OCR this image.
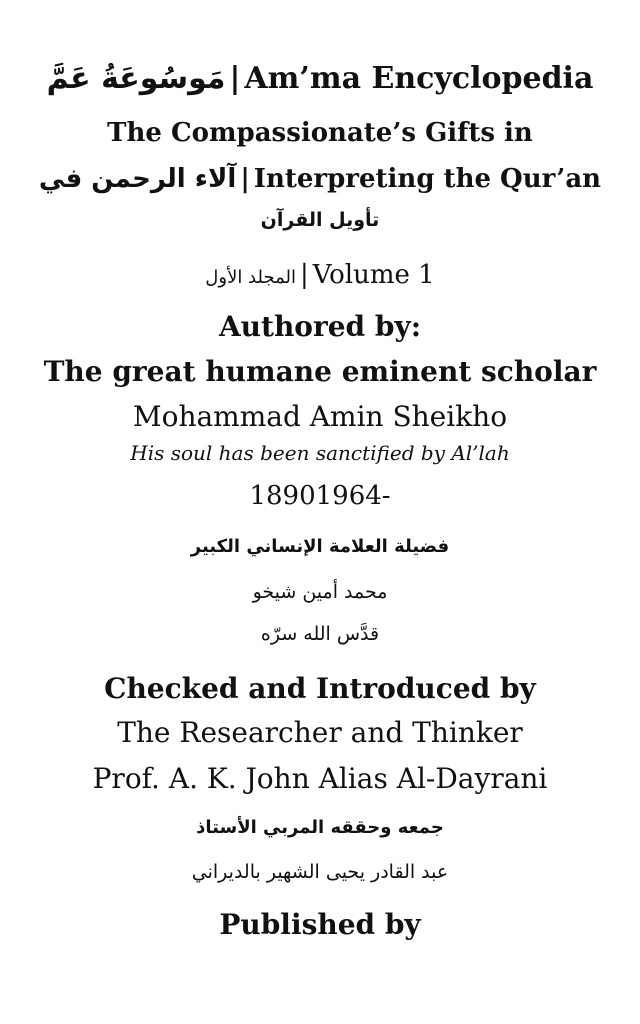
مَوسُوعَةُ عَمَّ | Am’ma Encyclopedia
The Compassionate’s Gifts in
آلاء الرحمن في | Interpreting the Qur’an
تأويل القرآن
المجلد الأول | Volume 1
Authored by:
The great humane eminent scholar
Mohammad Amin Sheikho
His soul has been sanctified by Al’lah
18901964-
فضيلة العلامة الإنساني الكبير
محمد أمين شيخو
قدَّس الله سرّه
Checked and Introduced by
The Researcher and Thinker
Prof. A. K. John Alias Al-Dayrani
جمعه وحققه المربي الأستاذ
عبد القادر يحيى الشهير بالديراني
Published by
